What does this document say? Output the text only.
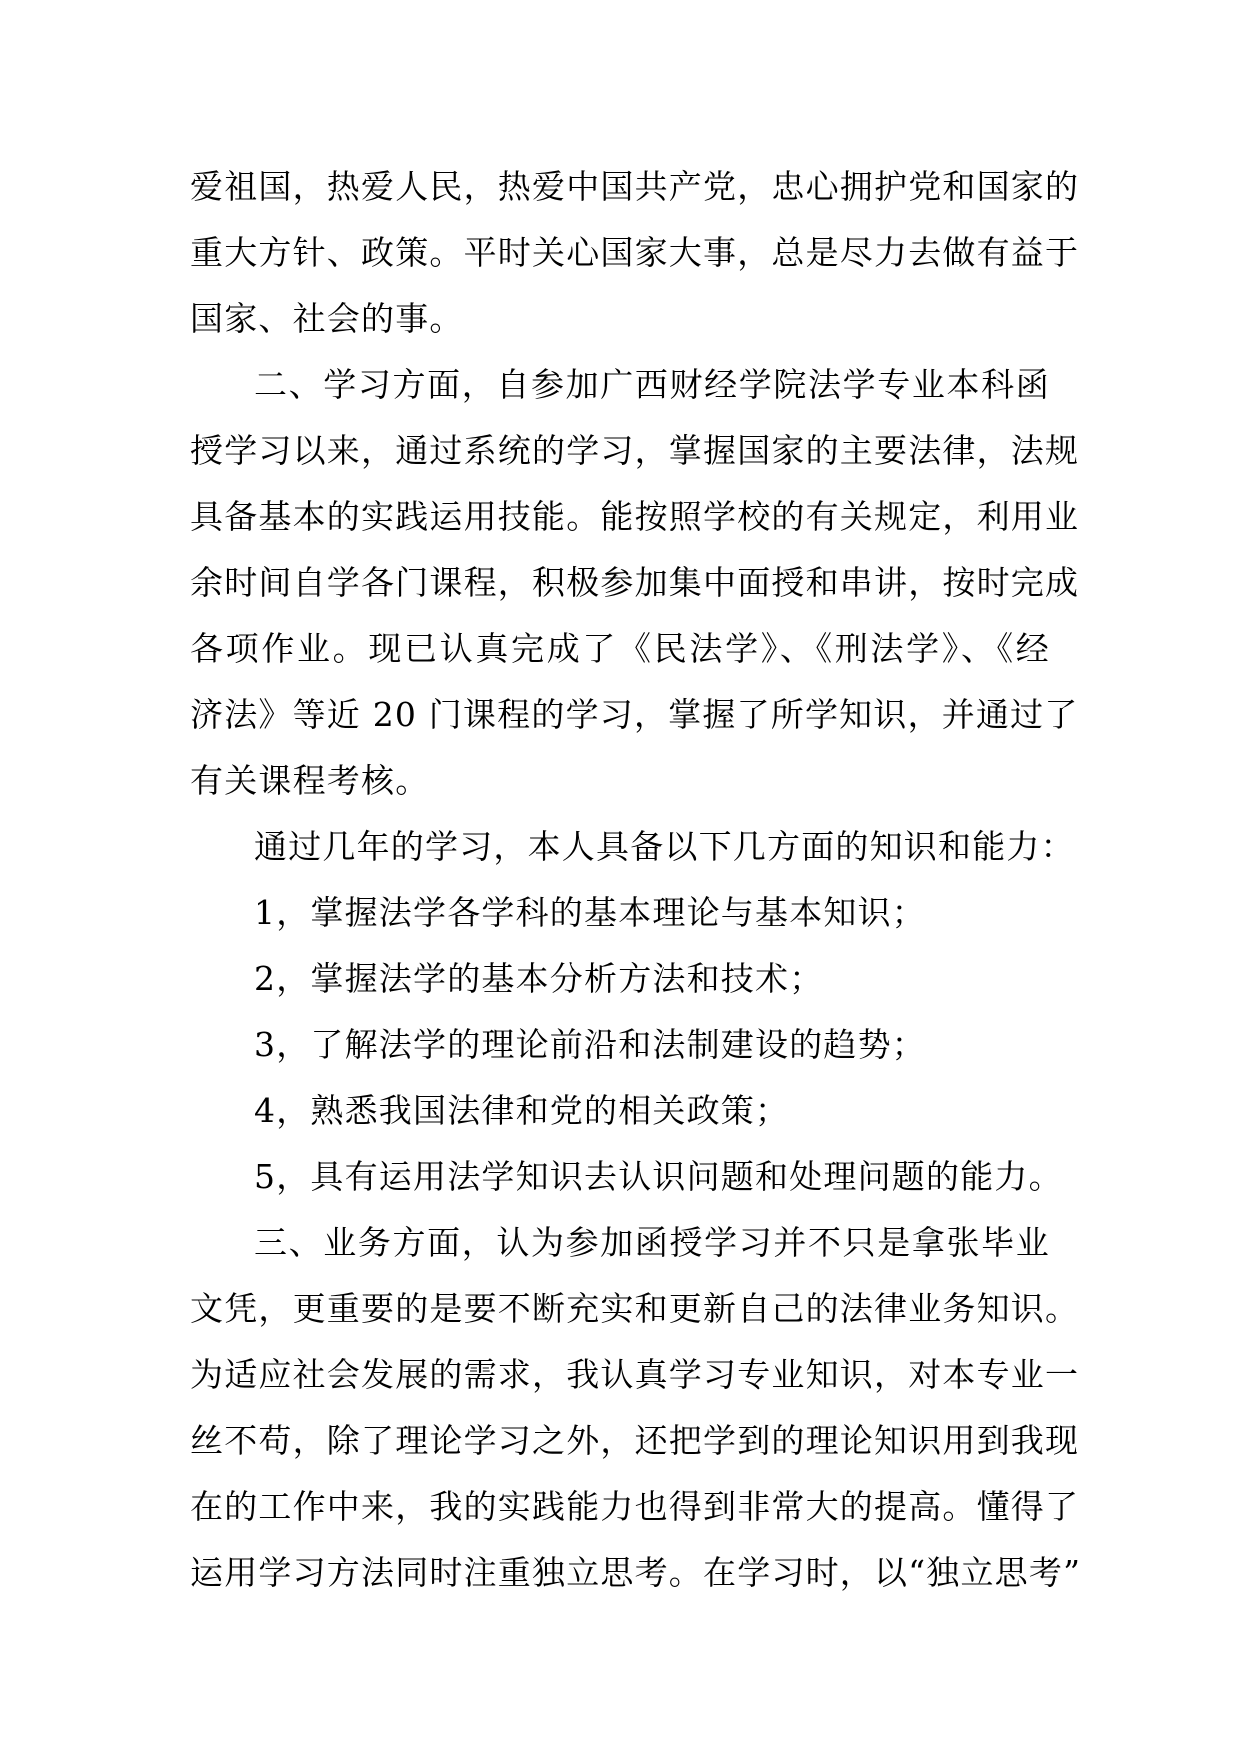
爱祖国，热爱人民，热爱中国共产党，忠心拥护党和国家的
重大方针、政策。平时关心国家大事，总是尽力去做有益于
国家、社会的事。
二、学习方面，自参加广西财经学院法学专业本科函
授学习以来，通过系统的学习，掌握国家的主要法律，法规
具备基本的实践运用技能。能按照学校的有关规定，利用业
余时间自学各门课程，积极参加集中面授和串讲，按时完成
各项作业。现已认真完成了《民法学》、《刑法学》、《经
济法》等近 20 门课程的学习，掌握了所学知识，并通过了
有关课程考核。
通过几年的学习，本人具备以下几方面的知识和能力：
1，掌握法学各学科的基本理论与基本知识；
2，掌握法学的基本分析方法和技术；
3，了解法学的理论前沿和法制建设的趋势；
4，熟悉我国法律和党的相关政策；
5，具有运用法学知识去认识问题和处理问题的能力。
三、业务方面，认为参加函授学习并不只是拿张毕业
文凭，更重要的是要不断充实和更新自己的法律业务知识。
为适应社会发展的需求，我认真学习专业知识，对本专业一
丝不苟，除了理论学习之外，还把学到的理论知识用到我现
在的工作中来，我的实践能力也得到非常大的提高。懂得了
运用学习方法同时注重独立思考。在学习时，以“独立思考”
